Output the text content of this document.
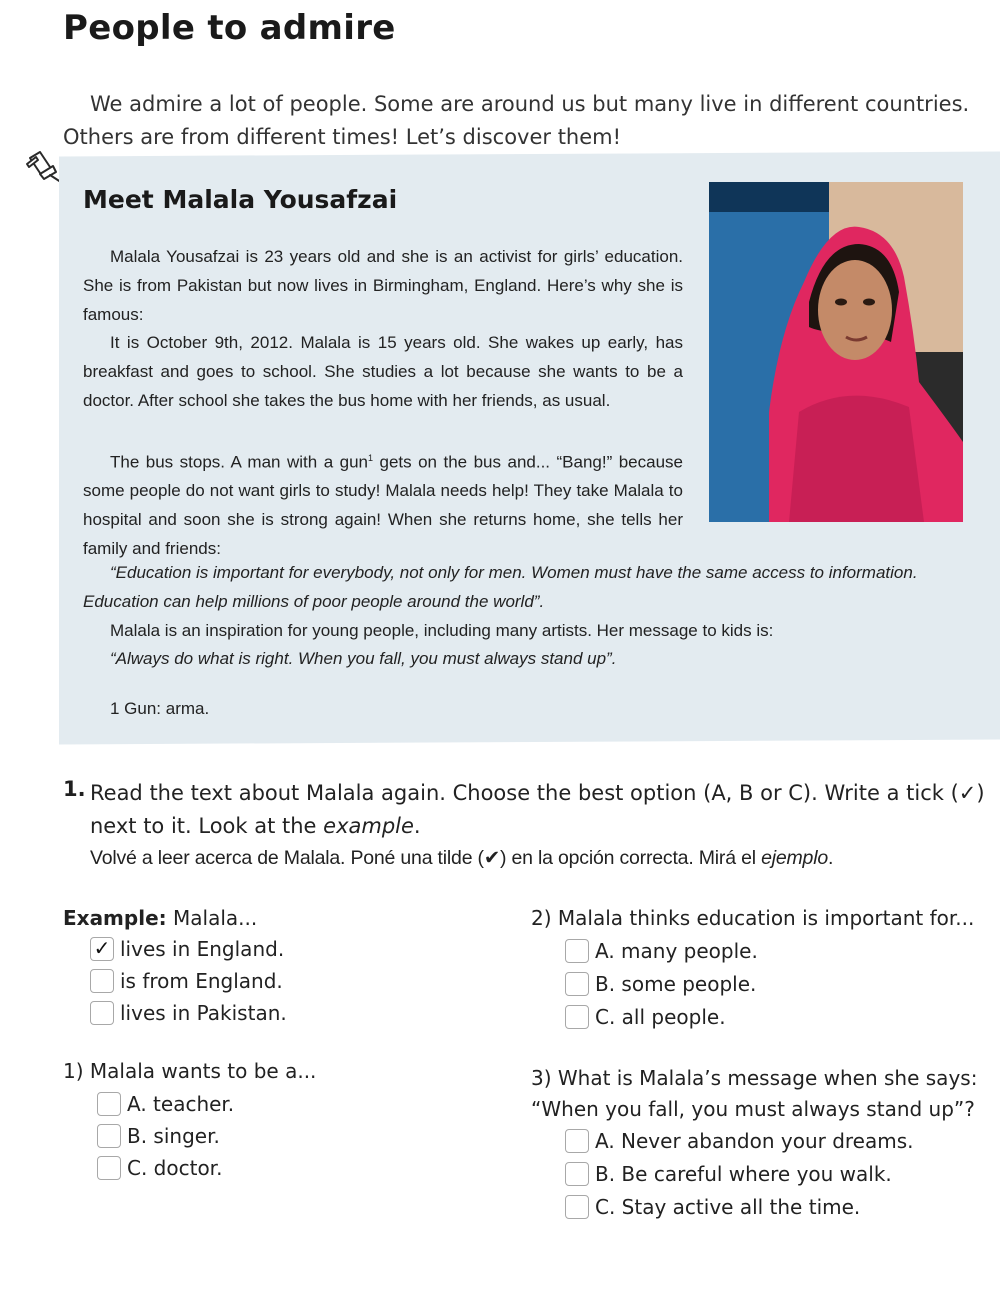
People to admire

We admire a lot of people. Some are around us but many live in different countries.

Others are from different times! Let’s discover them!

Meet Malala Yousafzai

Malala Yousafzai is 23 years old and she is an activist for girls’ education. She is from Pakistan but now lives in Birmingham, England. Here’s why she is famous:

It is October 9th, 2012. Malala is 15 years old. She wakes up early, has breakfast and goes to school. She studies a lot because she wants to be a doctor. After school she takes the bus home with her friends, as usual.

The bus stops. A man with a gun$^1$ gets on the bus and... “Bang!” because some people do not want girls to study! Malala needs help! They take Malala to hospital and soon she is strong again! When she returns home, she tells her family and friends:

“Education is important for everybody, not only for men. Women must have the same access to information. Education can help millions of poor people around the world”.

Malala is an inspiration for young people, including many artists. Her message to kids is:

“Always do what is right. When you fall, you must always stand up”.

1 Gun: arma.

1. Read the text about Malala again. Choose the best option (A, B or C). Write a tick (✓) next to it. Look at the example.

Volvé a leer acerca de Malala. Poné una tilde (✔) en la opción correcta. Mirá el ejemplo.

Example: Malala...

✓ lives in England.

is from England.

lives in Pakistan.

1) Malala wants to be a...

A. teacher.

B. singer.

C. doctor.

2) Malala thinks education is important for...

A. many people.

B. some people.

C. all people.

3) What is Malala’s message when she says:

“When you fall, you must always stand up”?

A. Never abandon your dreams.

B. Be careful where you walk.

C. Stay active all the time.
